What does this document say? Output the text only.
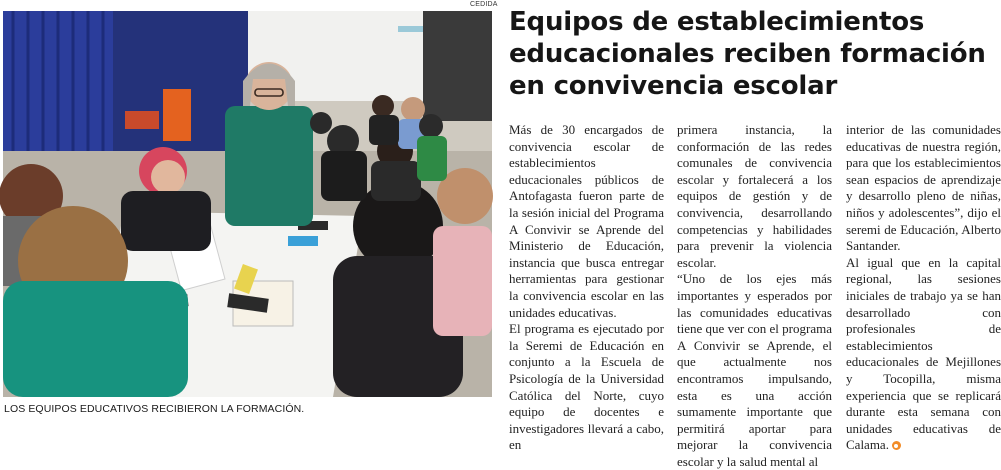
CEDIDA
LOS EQUIPOS EDUCATIVOS RECIBIERON LA FORMACIÓN.
Equipos de establecimientos educacionales reciben formación en convivencia escolar

Más de 30 encargados de convivencia escolar de establecimientos educacionales públicos de Antofagasta fueron parte de la sesión inicial del Programa A Convivir se Aprende del Ministerio de Educación, instancia que busca entregar herramientas para gestionar la convivencia escolar en las unidades educativas.

El programa es ejecutado por la Seremi de Educación en conjunto a la Escuela de Psicología de la Universidad Católica del Norte, cuyo equipo de docentes e investigadores llevará a cabo, en

primera instancia, la conformación de las redes comunales de convivencia escolar y fortalecerá a los equipos de gestión y de convivencia, desarrollando competencias y habilidades para prevenir la violencia escolar.

“Uno de los ejes más importantes y esperados por las comunidades educativas tiene que ver con el programa A Convivir se Aprende, el que actualmente nos encontramos impulsando, esta es una acción sumamente importante que permitirá aportar para mejorar la convivencia escolar y la salud mental al

interior de las comunidades educativas de nuestra región, para que los establecimientos sean espacios de aprendizaje y desarrollo pleno de niñas, niños y adolescentes”, dijo el seremi de Educación, Alberto Santander.

Al igual que en la capital regional, las sesiones iniciales de trabajo ya se han desarrollado con profesionales de establecimientos educacionales de Mejillones y Tocopilla, misma experiencia que se replicará durante esta semana con unidades educativas de Calama.
